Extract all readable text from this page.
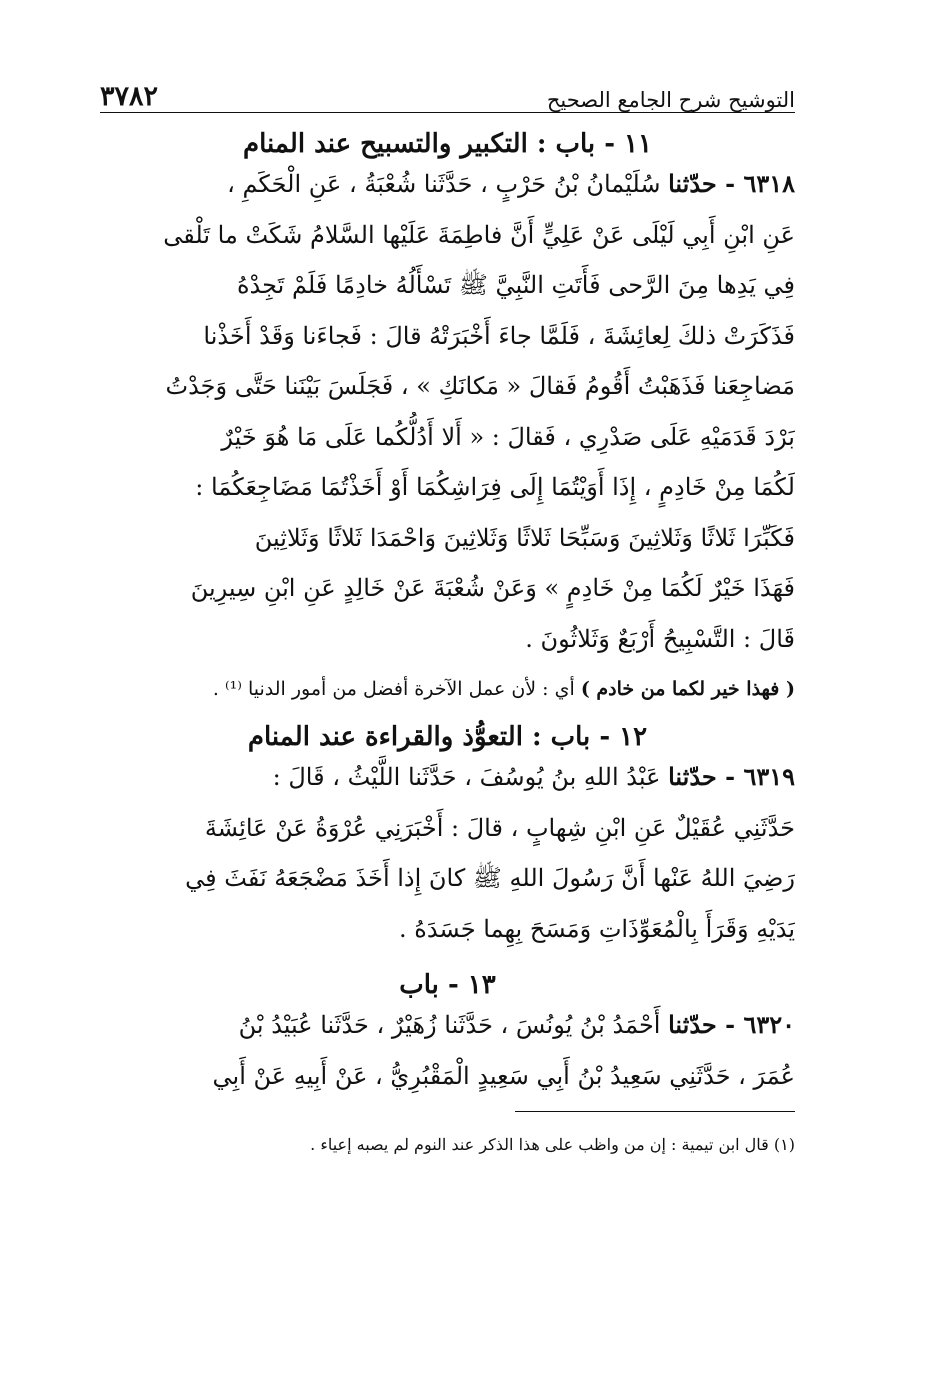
التوشيح شرح الجامع الصحيح
٣٧٨٢
١١ - باب : التكبير والتسبيح عند المنام

٦٣١٨ - حدّثنا سُلَيْمانُ بْنُ حَرْبٍ ، حَدَّثَنا شُعْبَةُ ، عَنِ الْحَكَمِ ،
عَنِ ابْنِ أَبِي لَيْلَى عَنْ عَلِيٍّ أَنَّ فاطِمَةَ عَلَيْها السَّلامُ شَكَتْ ما تَلْقى
فِي يَدِها مِنَ الرَّحى فَأَتَتِ النَّبِيَّ ﷺ تَسْأَلُهُ خادِمًا فَلَمْ تَجِدْهُ
فَذَكَرَتْ ذلكَ لِعائِشَةَ ، فَلَمَّا جاءَ أَخْبَرَتْهُ قالَ : فَجاءَنا وَقَدْ أَخَذْنا
مَضاجِعَنا فَذَهَبْتُ أَقُومُ فَقالَ « مَكانَكِ » ، فَجَلَسَ بَيْنَنا حَتَّى وَجَدْتُ
بَرْدَ قَدَمَيْهِ عَلَى صَدْرِي ، فَقالَ : « أَلا أَدُلُّكُما عَلَى مَا هُوَ خَيْرٌ
لَكُمَا مِنْ خَادِمٍ ، إِذَا أَوَيْتُمَا إِلَى فِرَاشِكُمَا أَوْ أَخَذْتُمَا مَضَاجِعَكُمَا :
فَكَبِّرَا ثَلاثًا وَثَلاثِينَ وَسَبِّحَا ثَلاثًا وَثَلاثِينَ وَاحْمَدَا ثَلاثًا وَثَلاثِينَ
فَهَذَا خَيْرٌ لَكُمَا مِنْ خَادِمٍ » وَعَنْ شُعْبَةَ عَنْ خَالِدٍ عَنِ ابْنِ سِيرِينَ
قَالَ : التَّسْبِيحُ أَرْبَعٌ وَثَلاثُونَ .

( فهذا خير لكما من خادم ) أي : لأن عمل الآخرة أفضل من أمور الدنيا ⁽¹⁾ .

١٢ - باب : التعوُّذ والقراءة عند المنام

٦٣١٩ - حدّثنا عَبْدُ اللهِ بنُ يُوسُفَ ، حَدَّثَنا اللَّيْثُ ، قَالَ :
حَدَّثَنِي عُقَيْلٌ عَنِ ابْنِ شِهابٍ ، قالَ : أَخْبَرَنِي عُرْوَةُ عَنْ عَائِشَةَ
رَضِيَ اللهُ عَنْها أَنَّ رَسُولَ اللهِ ﷺ كانَ إِذا أَخَذَ مَضْجَعَهُ نَفَثَ فِي
يَدَيْهِ وَقَرَأَ بِالْمُعَوِّذَاتِ وَمَسَحَ بِهِما جَسَدَهُ .

١٣ - باب

٦٣٢٠ - حدّثنا أَحْمَدُ بْنُ يُونُسَ ، حَدَّثَنا زُهَيْرٌ ، حَدَّثَنا عُبَيْدُ بْنُ
عُمَرَ ، حَدَّثَنِي سَعِيدُ بْنُ أَبِي سَعِيدٍ الْمَقْبُرِيُّ ، عَنْ أَبِيهِ عَنْ أَبِي

(١) قال ابن تيمية : إن من واظب على هذا الذكر عند النوم لم يصبه إعياء .
